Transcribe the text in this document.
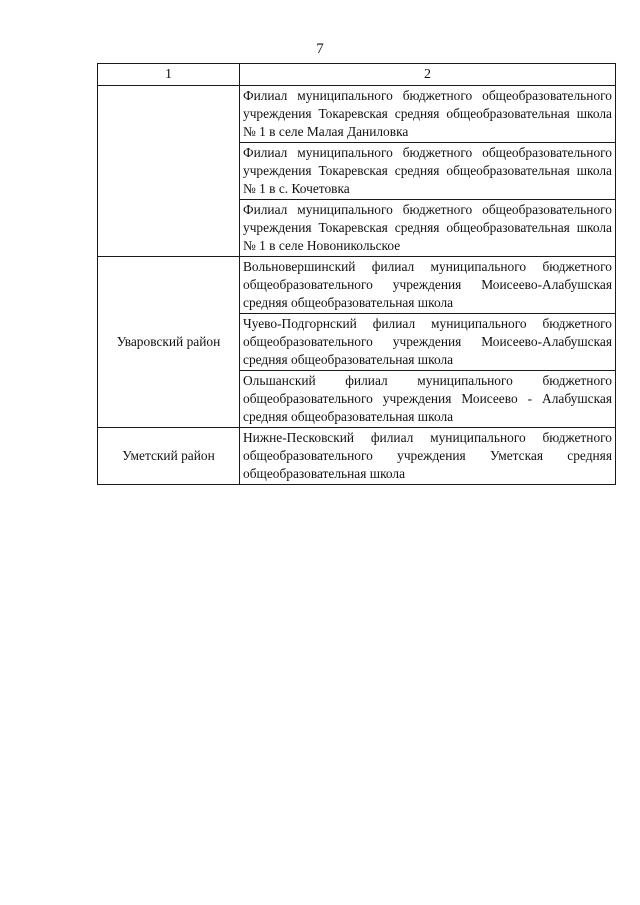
7
1	2
	Филиал муниципального бюджетного общеобразовательного учреждения Токаревская средняя общеобразовательная школа № 1 в селе Малая Даниловка
	Филиал муниципального бюджетного общеобразовательного учреждения Токаревская средняя общеобразовательная школа № 1 в с. Кочетовка
	Филиал муниципального бюджетного общеобразовательного учреждения Токаревская средняя общеобразовательная школа № 1 в селе Новоникольское
Уваровский район	Вольновершинский филиал муниципального бюджетного общеобразовательного учреждения Моисеево-Алабушская средняя общеобразовательная школа
	Чуево-Подгорнский филиал муниципального бюджетного общеобразовательного учреждения Моисеево-Алабушская средняя общеобразовательная школа
	Ольшанский филиал муниципального бюджетного общеобразовательного учреждения Моисеево - Алабушская средняя общеобразовательная школа
Уметский район	Нижне-Песковский филиал муниципального бюджетного общеобразовательного учреждения Уметская средняя общеобразовательная школа
